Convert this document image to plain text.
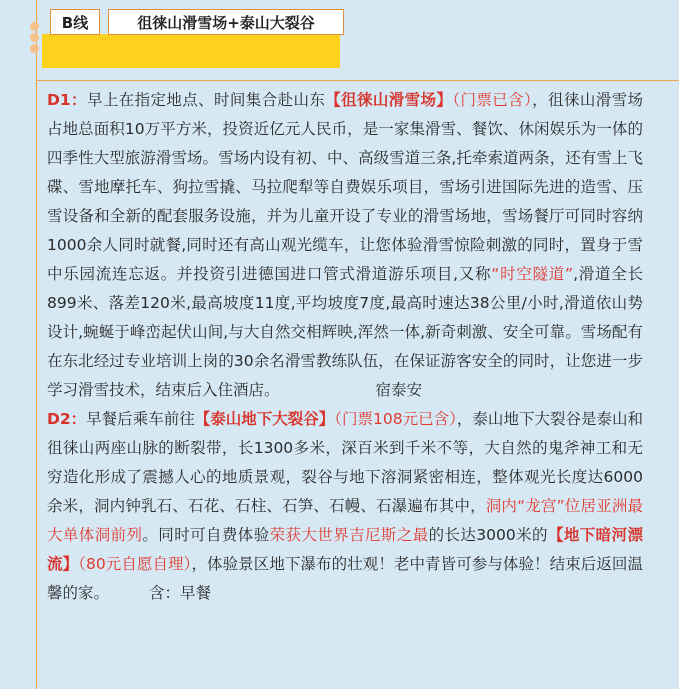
B线	徂徕山滑雪场+泰山大裂谷

D1：早上在指定地点、时间集合赴山东【徂徕山滑雪场】（门票已含），徂徕山滑雪场占地总面积10万平方米，投资近亿元人民币，是一家集滑雪、餐饮、休闲娱乐为一体的四季性大型旅游滑雪场。雪场内设有初、中、高级雪道三条,托牵索道两条，还有雪上飞碟、雪地摩托车、狗拉雪撬、马拉爬犁等自费娱乐项目，雪场引进国际先进的造雪、压雪设备和全新的配套服务设施，并为儿童开设了专业的滑雪场地，雪场餐厅可同时容纳1000余人同时就餐,同时还有高山观光缆车，让您体验滑雪惊险刺激的同时，置身于雪中乐园流连忘返。并投资引进德国进口管式滑道游乐项目,又称“时空隧道”,滑道全长899米、落差120米,最高坡度11度,平均坡度7度,最高时速达38公里/小时,滑道依山势设计,蜿蜒于峰峦起伏山间,与大自然交相辉映,浑然一体,新奇刺激、安全可靠。雪场配有在东北经过专业培训上岗的30余名滑雪教练队伍，在保证游客安全的同时，让您进一步学习滑雪技术，结束后入住酒店。	宿泰安

D2：早餐后乘车前往【泰山地下大裂谷】（门票108元已含），泰山地下大裂谷是泰山和徂徕山两座山脉的断裂带，长1300多米，深百米到千米不等，大自然的鬼斧神工和无穷造化形成了震撼人心的地质景观，裂谷与地下溶洞紧密相连，整体观光长度达6000余米，洞内钟乳石、石花、石柱、石笋、石幔、石瀑遍布其中，洞内“龙宫”位居亚洲最大单体洞前列。同时可自费体验荣获大世界吉尼斯之最的长达3000米的【地下暗河漂流】（80元自愿自理），体验景区地下瀑布的壮观！老中青皆可参与体验！结束后返回温馨的家。	含：早餐
